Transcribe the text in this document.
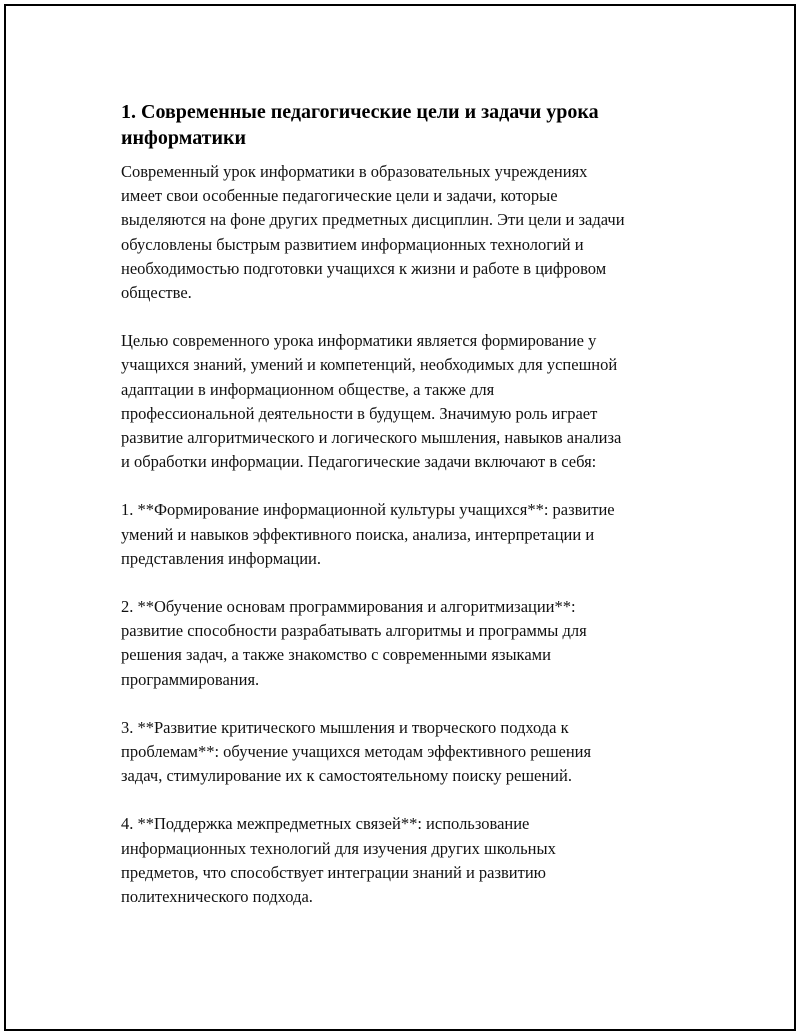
1. Современные педагогические цели и задачи урока информатики

Современный урок информатики в образовательных учреждениях
имеет свои особенные педагогические цели и задачи, которые
выделяются на фоне других предметных дисциплин. Эти цели и задачи
обусловлены быстрым развитием информационных технологий и
необходимостью подготовки учащихся к жизни и работе в цифровом
обществе.

Целью современного урока информатики является формирование у
учащихся знаний, умений и компетенций, необходимых для успешной
адаптации в информационном обществе, а также для
профессиональной деятельности в будущем. Значимую роль играет
развитие алгоритмического и логического мышления, навыков анализа
и обработки информации. Педагогические задачи включают в себя:

1. **Формирование информационной культуры учащихся**: развитие
умений и навыков эффективного поиска, анализа, интерпретации и
представления информации.

2. **Обучение основам программирования и алгоритмизации**:
развитие способности разрабатывать алгоритмы и программы для
решения задач, а также знакомство с современными языками
программирования.

3. **Развитие критического мышления и творческого подхода к
проблемам**: обучение учащихся методам эффективного решения
задач, стимулирование их к самостоятельному поиску решений.

4. **Поддержка межпредметных связей**: использование
информационных технологий для изучения других школьных
предметов, что способствует интеграции знаний и развитию
политехнического подхода.
